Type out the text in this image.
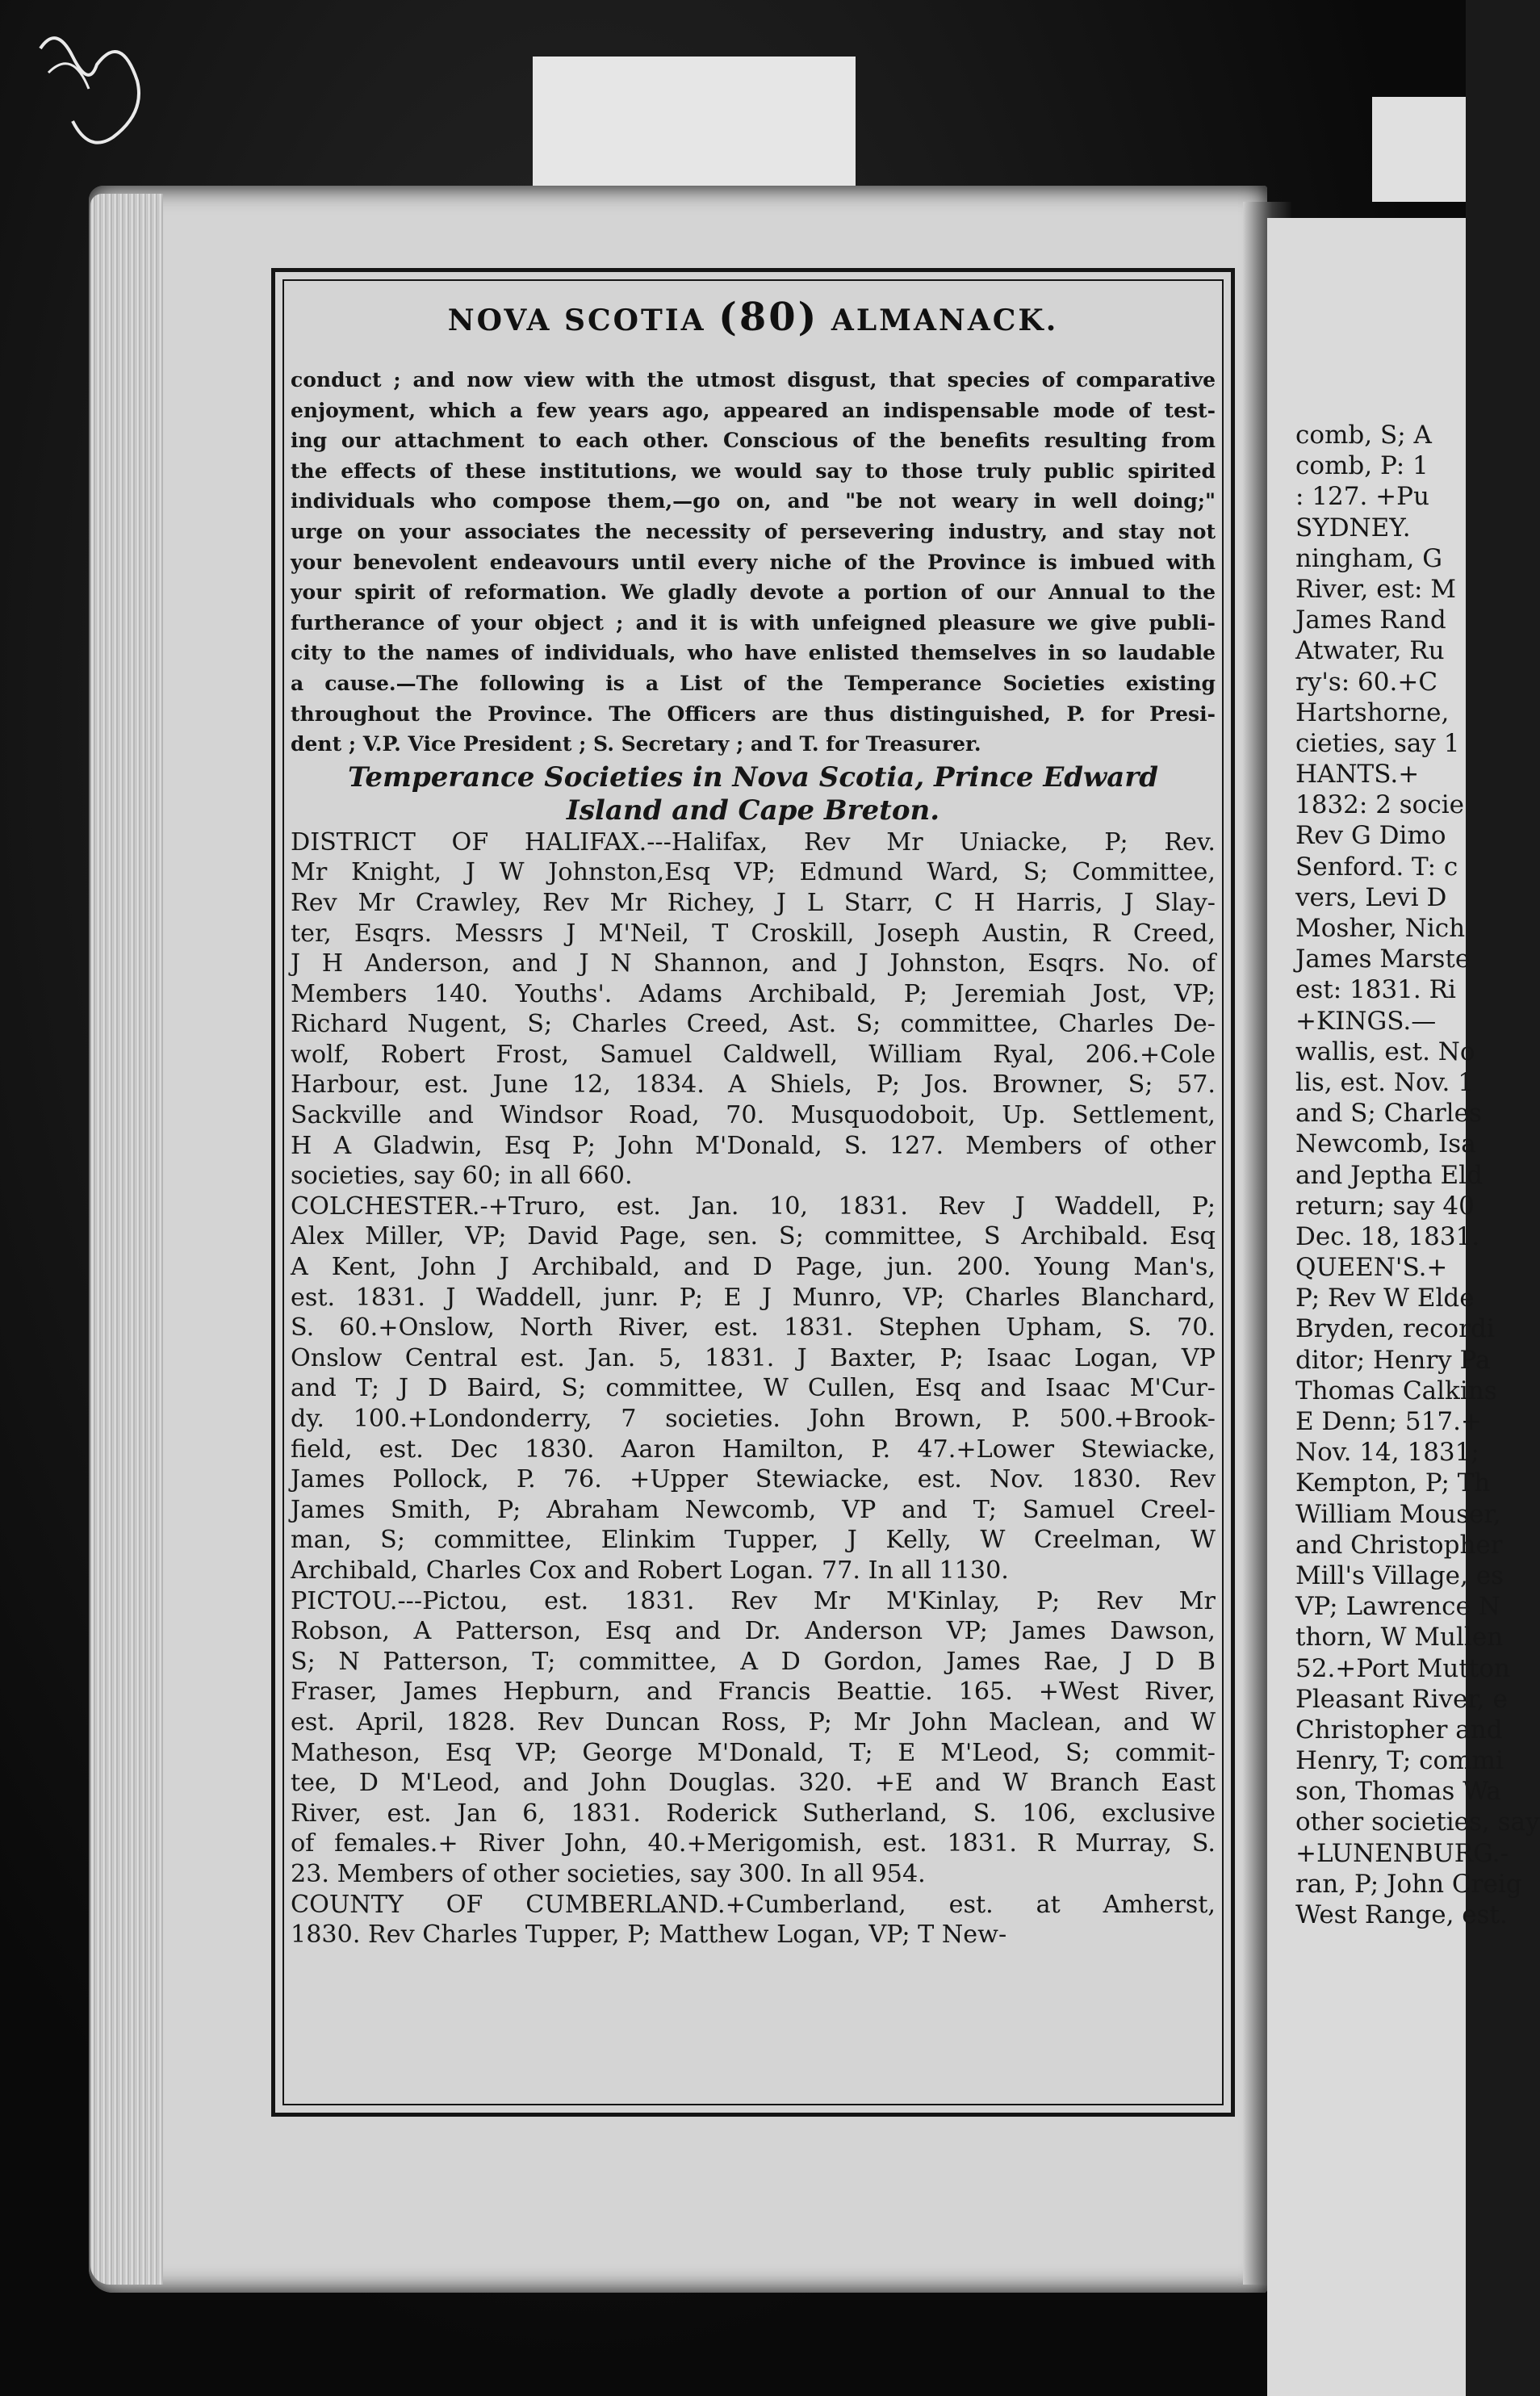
comb, S; A
comb, P: 1
: 127. +Pu
SYDNEY.
ningham, G
River, est: M
James Rand
Atwater, Ru
ry's: 60.+C
Hartshorne,
cieties, say 1
HANTS.+
1832: 2 socie
Rev G Dimo
Senford. T: c
vers, Levi D
Mosher, Nich
James Marste
est: 1831. Ri
+KINGS.—
wallis, est. No
lis, est. Nov. 1
and S; Charles
Newcomb, Isa
and Jeptha Eld
return; say 40
Dec. 18, 1831.
QUEEN'S.+
P; Rev W Elde
Bryden, recordi
ditor; Henry Pa
Thomas Calkins
E Denn; 517.+
Nov. 14, 1831;
Kempton, P; Th
William Mouser,
and Christopher
Mill's Village, es
VP; Lawrence N
thorn, W Mullen
52.+Port Mutton
Pleasant River, e
Christopher and
Henry, T; commi
son, Thomas Wa
other societies, say
+LUNENBURG.-
ran, P; John Creig
West Range, est.
NOVA SCOTIA (80) ALMANACK.
conduct ; and now view with the utmost disgust, that species of comparative
enjoyment, which a few years ago, appeared an indispensable mode of test-
ing our attachment to each other. Conscious of the benefits resulting from
the effects of these institutions, we would say to those truly public spirited
individuals who compose them,—go on, and "be not weary in well doing;"
urge on your associates the necessity of persevering industry, and stay not
your benevolent endeavours until every niche of the Province is imbued with
your spirit of reformation. We gladly devote a portion of our Annual to the
furtherance of your object ; and it is with unfeigned pleasure we give publi-
city to the names of individuals, who have enlisted themselves in so laudable
a cause.—The following is a List of the Temperance Societies existing
throughout the Province. The Officers are thus distinguished, P. for Presi-
dent ; V.P. Vice President ; S. Secretary ; and T. for Treasurer.
Temperance Societies in Nova Scotia, Prince Edward
Island and Cape Breton.
DISTRICT OF HALIFAX.---Halifax, Rev Mr Uniacke, P; Rev.
Mr Knight, J W Johnston,Esq VP; Edmund Ward, S; Committee,
Rev Mr Crawley, Rev Mr Richey, J L Starr, C H Harris, J Slay-
ter, Esqrs. Messrs J M'Neil, T Croskill, Joseph Austin, R Creed,
J H Anderson, and J N Shannon, and J Johnston, Esqrs. No. of
Members 140. Youths'. Adams Archibald, P; Jeremiah Jost, VP;
Richard Nugent, S; Charles Creed, Ast. S; committee, Charles De-
wolf, Robert Frost, Samuel Caldwell, William Ryal, 206.+Cole
Harbour, est. June 12, 1834. A Shiels, P; Jos. Browner, S; 57.
Sackville and Windsor Road, 70. Musquodoboit, Up. Settlement,
H A Gladwin, Esq P; John M'Donald, S. 127. Members of other
societies, say 60; in all 660.
COLCHESTER.-+Truro, est. Jan. 10, 1831. Rev J Waddell, P;
Alex Miller, VP; David Page, sen. S; committee, S Archibald. Esq
A Kent, John J Archibald, and D Page, jun. 200. Young Man's,
est. 1831. J Waddell, junr. P; E J Munro, VP; Charles Blanchard,
S. 60.+Onslow, North River, est. 1831. Stephen Upham, S. 70.
Onslow Central est. Jan. 5, 1831. J Baxter, P; Isaac Logan, VP
and T; J D Baird, S; committee, W Cullen, Esq and Isaac M'Cur-
dy. 100.+Londonderry, 7 societies. John Brown, P. 500.+Brook-
field, est. Dec 1830. Aaron Hamilton, P. 47.+Lower Stewiacke,
James Pollock, P. 76. +Upper Stewiacke, est. Nov. 1830. Rev
James Smith, P; Abraham Newcomb, VP and T; Samuel Creel-
man, S; committee, Elinkim Tupper, J Kelly, W Creelman, W
Archibald, Charles Cox and Robert Logan. 77. In all 1130.
PICTOU.---Pictou, est. 1831. Rev Mr M'Kinlay, P; Rev Mr
Robson, A Patterson, Esq and Dr. Anderson VP; James Dawson,
S; N Patterson, T; committee, A D Gordon, James Rae, J D B
Fraser, James Hepburn, and Francis Beattie. 165. +West River,
est. April, 1828. Rev Duncan Ross, P; Mr John Maclean, and W
Matheson, Esq VP; George M'Donald, T; E M'Leod, S; commit-
tee, D M'Leod, and John Douglas. 320. +E and W Branch East
River, est. Jan 6, 1831. Roderick Sutherland, S. 106, exclusive
of females.+ River John, 40.+Merigomish, est. 1831. R Murray, S.
23. Members of other societies, say 300. In all 954.
COUNTY OF CUMBERLAND.+Cumberland, est. at Amherst,
1830. Rev Charles Tupper, P; Matthew Logan, VP; T New-
